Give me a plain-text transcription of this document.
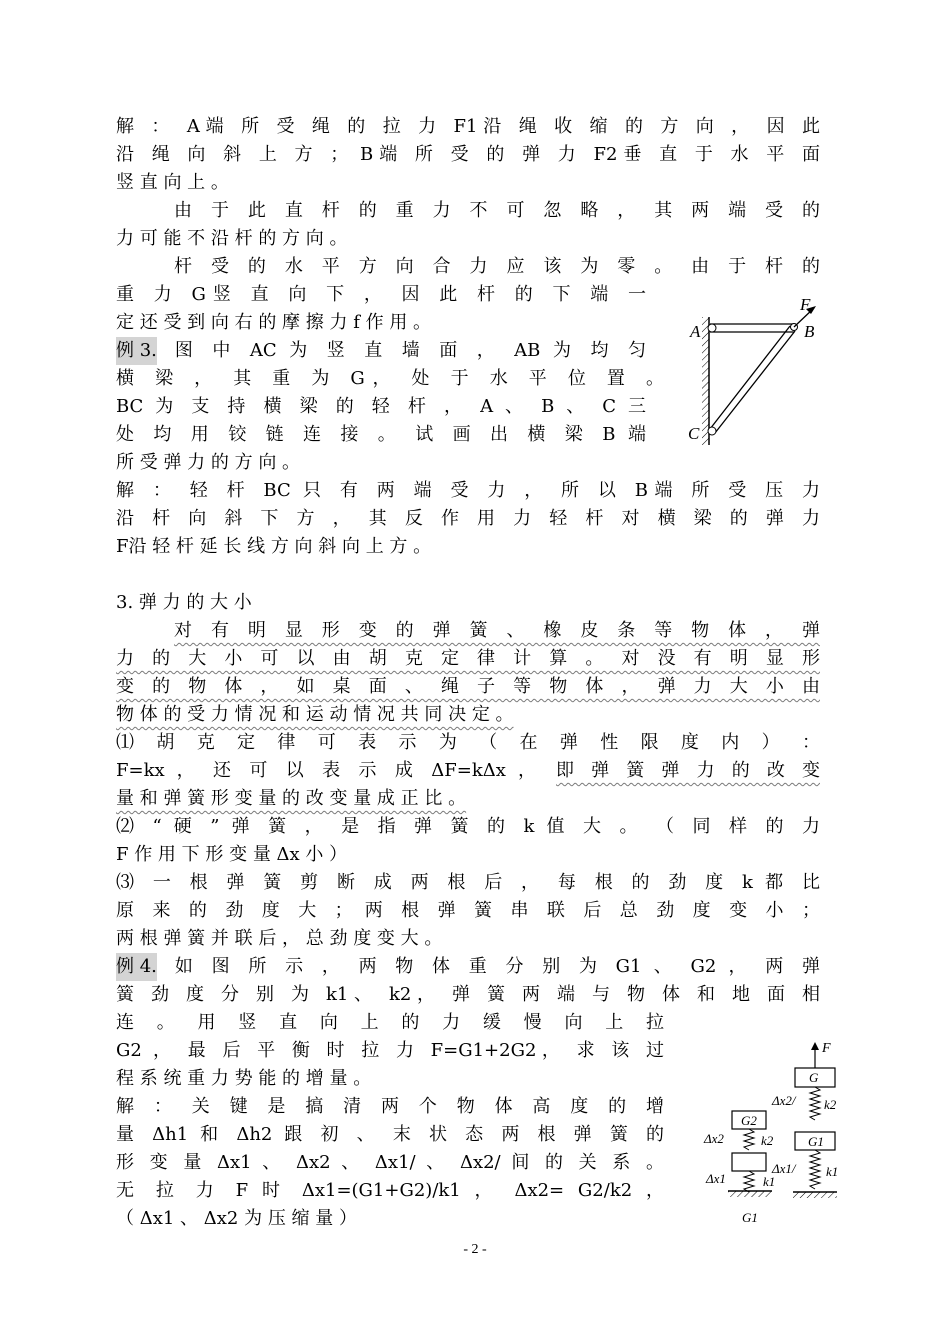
解 ： A端 所 受 绳 的 拉 力 F1沿 绳 收 缩 的 方 向 ， 因 此
沿 绳 向 斜 上 方 ； B端 所 受 的 弹 力 F2垂 直 于 水 平 面
竖 直 向 上 。
由 于 此 直 杆 的 重 力 不 可 忽 略 ， 其 两 端 受 的
力 可 能 不 沿 杆 的 方 向 。
杆 受 的 水 平 方 向 合 力 应 该 为 零 。 由 于 杆 的
重 力 G竖 直 向 下 ， 因 此 杆 的 下 端 一
定 还 受 到 向 右 的 摩 擦 力 f 作 用 。
例 3. 图 中 AC 为 竖 直 墙 面 ， AB 为 均 匀
横 梁 ， 其 重 为 G， 处 于 水 平 位 置 。
BC 为 支 持 横 梁 的 轻 杆 ， A 、 B 、 C 三
处 均 用 铰 链 连 接 。 试 画 出 横 梁 B 端
所 受 弹 力 的 方 向 。
解 ： 轻 杆 BC 只 有 两 端 受 力 ， 所 以 B端 所 受 压 力
沿 杆 向 斜 下 方 ， 其 反 作 用 力 轻 杆 对 横 梁 的 弹 力
F沿 轻 杆 延 长 线 方 向 斜 向 上 方 。
3. 弹 力 的 大 小
对 有 明 显 形 变 的 弹 簧 、 橡 皮 条 等 物 体 ， 弹
力 的 大 小 可 以 由 胡 克 定 律 计 算 。 对 没 有 明 显 形
变 的 物 体 ， 如 桌 面 、 绳 子 等 物 体 ， 弹 力 大 小 由
物 体 的 受 力 情 况 和 运 动 情 况 共 同 决 定 。
⑴ 胡 克 定 律 可 表 示 为 （ 在 弹 性 限 度 内 ） ：
F=kx ， 还 可 以 表 示 成 ΔF=kΔx ， 即 弹 簧 弹 力 的 改 变
量 和 弹 簧 形 变 量 的 改 变 量 成 正 比 。
⑵ “ 硬 ” 弹 簧 ， 是 指 弹 簧 的 k 值 大 。 （ 同 样 的 力
F 作 用 下 形 变 量 Δx 小 ）
⑶ 一 根 弹 簧 剪 断 成 两 根 后 ， 每 根 的 劲 度 k 都 比
原 来 的 劲 度 大 ； 两 根 弹 簧 串 联 后 总 劲 度 变 小 ；
两 根 弹 簧 并 联 后 ， 总 劲 度 变 大 。
例 4. 如 图 所 示 ， 两 物 体 重 分 别 为 G1 、 G2 ， 两 弹
簧 劲 度 分 别 为 k1、 k2， 弹 簧 两 端 与 物 体 和 地 面 相
连 。 用 竖 直 向 上 的 力 缓 慢 向 上 拉
G2 ， 最 后 平 衡 时 拉 力 F=G1+2G2， 求 该 过
程 系 统 重 力 势 能 的 增 量 。
解 ： 关 键 是 搞 清 两 个 物 体 高 度 的 增
量 Δh1 和 Δh2 跟 初 、 末 状 态 两 根 弹 簧 的
形 变 量 Δx1 、 Δx2 、 Δx1/ 、 Δx2/ 间 的 关 系 。
无 拉 力 F 时 Δx1=(G1+G2)/k1 ， Δx2= G2/k2 ，
（ Δx1 、 Δx2 为 压 缩 量 ）
F
A	B
C
G2
k2
Δx2
k1
Δx1
G1
F
G
k2
Δx2/
G1
k1
Δx1/
- 2 -
